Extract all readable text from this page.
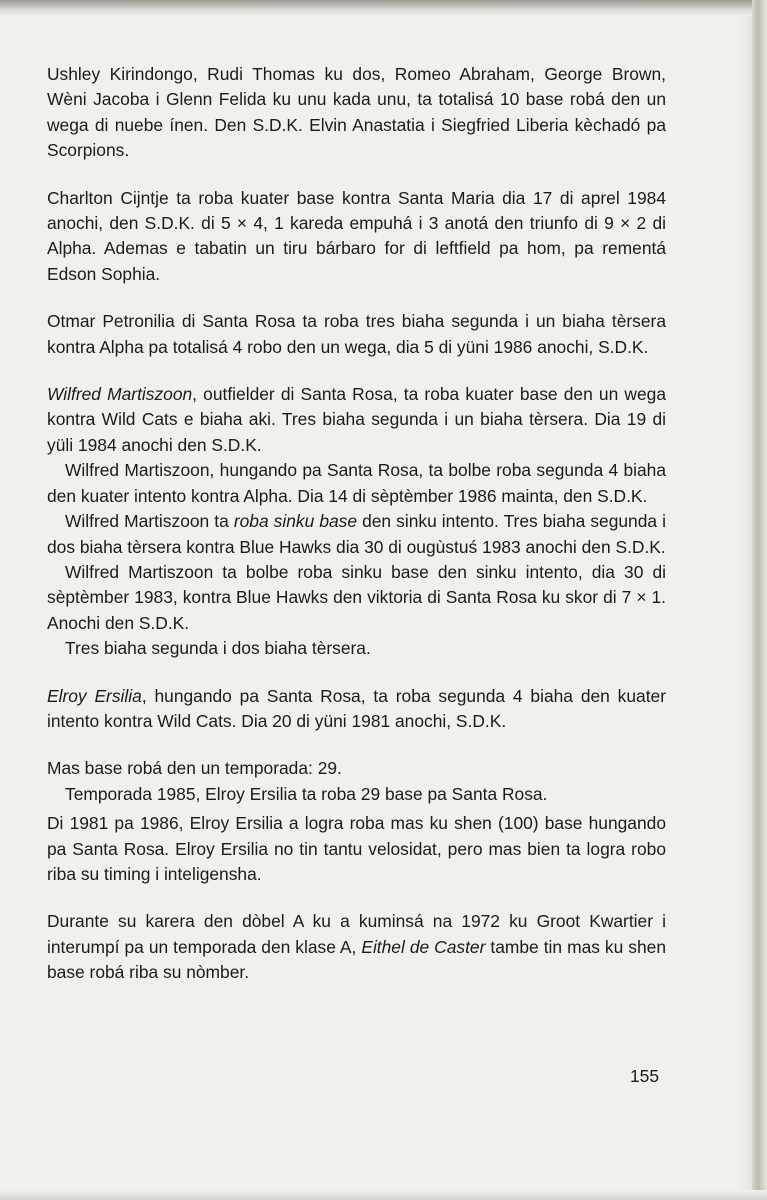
Ushley Kirindongo, Rudi Thomas ku dos, Romeo Abraham, George Brown, Wèni Jacoba i Glenn Felida ku unu kada unu, ta totalisá 10 base robá den un wega di nuebe ínen. Den S.D.K. Elvin Anastatia i Siegfried Liberia kèchadó pa Scorpions.

Charlton Cijntje ta roba kuater base kontra Santa Maria dia 17 di aprel 1984 anochi, den S.D.K. di 5 × 4, 1 kareda empuhá i 3 anotá den triunfo di 9 × 2 di Alpha. Ademas e tabatin un tiru bárbaro for di leftfield pa hom, pa rementá Edson Sophia.

Otmar Petronilia di Santa Rosa ta roba tres biaha segunda i un biaha tèrsera kontra Alpha pa totalisá 4 robo den un wega, dia 5 di yüni 1986 anochi, S.D.K.

Wilfred Martiszoon, outfielder di Santa Rosa, ta roba kuater base den un wega kontra Wild Cats e biaha aki. Tres biaha segunda i un biaha tèrsera. Dia 19 di yüli 1984 anochi den S.D.K.

Wilfred Martiszoon, hungando pa Santa Rosa, ta bolbe roba segunda 4 biaha den kuater intento kontra Alpha. Dia 14 di sèptèmber 1986 mainta, den S.D.K.

Wilfred Martiszoon ta roba sinku base den sinku intento. Tres biaha segunda i dos biaha tèrsera kontra Blue Hawks dia 30 di ougùstuś 1983 anochi den S.D.K.

Wilfred Martiszoon ta bolbe roba sinku base den sinku intento, dia 30 di sèptèmber 1983, kontra Blue Hawks den viktoria di Santa Rosa ku skor di 7 × 1. Anochi den S.D.K.

Tres biaha segunda i dos biaha tèrsera.

Elroy Ersilia, hungando pa Santa Rosa, ta roba segunda 4 biaha den kuater intento kontra Wild Cats. Dia 20 di yüni 1981 anochi, S.D.K.

Mas base robá den un temporada: 29.

Temporada 1985, Elroy Ersilia ta roba 29 base pa Santa Rosa.

Di 1981 pa 1986, Elroy Ersilia a logra roba mas ku shen (100) base hungando pa Santa Rosa. Elroy Ersilia no tin tantu velosidat, pero mas bien ta logra robo riba su timing i inteligensha.

Durante su karera den dòbel A ku a kuminsá na 1972 ku Groot Kwartier i interumpí pa un temporada den klase A, Eithel de Caster tambe tin mas ku shen base robá riba su nòmber.

155
